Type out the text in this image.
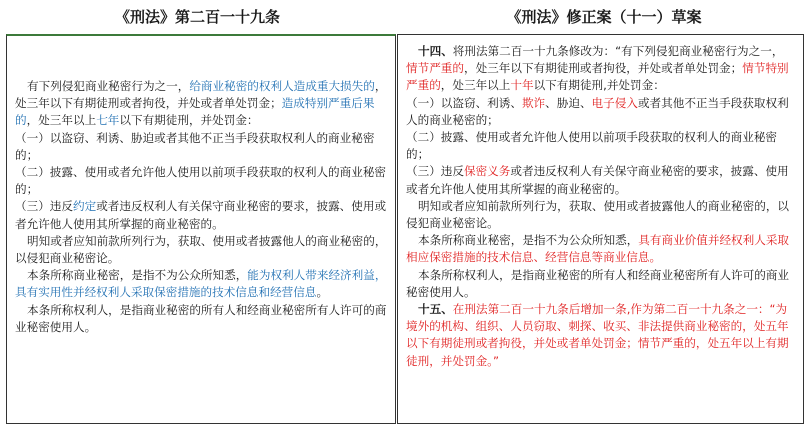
《刑法》第二百一十九条	《刑法》修正案（十一）草案

有下列侵犯商业秘密行为之一，给商业秘密的权利人造成重大损失的，处三年以下有期徒刑或者拘役，并处或者单处罚金；造成特别严重后果的，处三年以上七年以下有期徒刑，并处罚金：

（一）以盗窃、利诱、胁迫或者其他不正当手段获取权利人的商业秘密的；

（二）披露、使用或者允许他人使用以前项手段获取的权利人的商业秘密的；

（三）违反约定或者违反权利人有关保守商业秘密的要求，披露、使用或者允许他人使用其所掌握的商业秘密的。

明知或者应知前款所列行为，获取、使用或者披露他人的商业秘密的，以侵犯商业秘密论。

本条所称商业秘密，是指不为公众所知悉，能为权利人带来经济利益，具有实用性并经权利人采取保密措施的技术信息和经营信息。

本条所称权利人，是指商业秘密的所有人和经商业秘密所有人许可的商业秘密使用人。

十四、将刑法第二百一十九条修改为：“有下列侵犯商业秘密行为之一，情节严重的，处三年以下有期徒刑或者拘役，并处或者单处罚金；情节特别严重的，处三年以上十年以下有期徒刑,并处罚金：

（一）以盗窃、利诱、欺诈、胁迫、电子侵入或者其他不正当手段获取权利人的商业秘密的；

（二）披露、使用或者允许他人使用以前项手段获取的权利人的商业秘密的；

（三）违反保密义务或者违反权利人有关保守商业秘密的要求，披露、使用或者允许他人使用其所掌握的商业秘密的。

明知或者应知前款所列行为，获取、使用或者披露他人的商业秘密的，以侵犯商业秘密论。

本条所称商业秘密，是指不为公众所知悉，具有商业价值并经权利人采取相应保密措施的技术信息、经营信息等商业信息。

本条所称权利人，是指商业秘密的所有人和经商业秘密所有人许可的商业秘密使用人。

十五、在刑法第二百一十九条后增加一条,作为第二百一十九条之一：“为境外的机构、组织、人员窃取、刺探、收买、非法提供商业秘密的，处五年以下有期徒刑或者拘役，并处或者单处罚金；情节严重的，处五年以上有期徒刑，并处罚金。”
